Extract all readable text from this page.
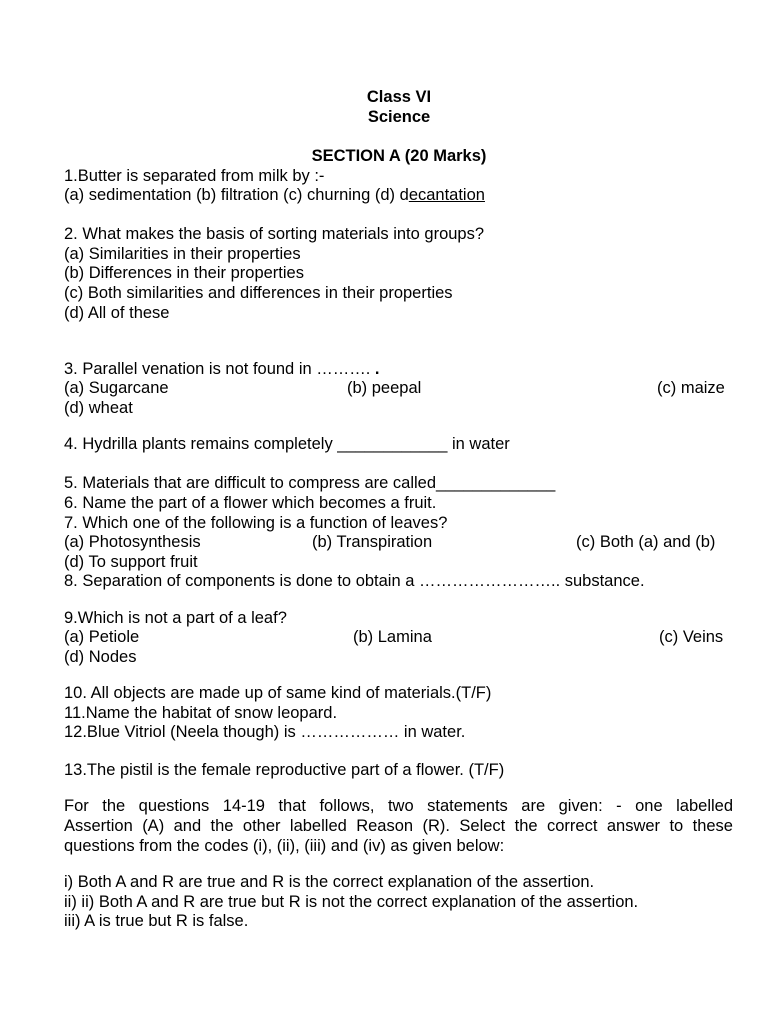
Class VI
Science
SECTION A (20 Marks)
1.Butter is separated from milk by :-
(a) sedimentation (b) filtration (c) churning (d) decantation
2. What makes the basis of sorting materials into groups?
(a) Similarities in their properties
(b) Differences in their properties
(c) Both similarities and differences in their properties
(d) All of these
3. Parallel venation is not found in ………. .
(a) Sugarcane	(b) peepal	(c) maize
(d) wheat
4. Hydrilla plants remains completely ____________ in water
5. Materials that are difficult to compress are called_____________
6. Name the part of a flower which becomes a fruit.
7. Which one of the following is a function of leaves?
(a) Photosynthesis	(b) Transpiration	(c) Both (a) and (b)
(d) To support fruit
8. Separation of components is done to obtain a …………………….. substance.
9.Which is not a part of a leaf?
(a) Petiole	(b) Lamina	(c) Veins
(d) Nodes
10. All objects are made up of same kind of materials.(T/F)
11.Name the habitat of snow leopard.
12.Blue Vitriol (Neela though) is ……………… in water.
13.The pistil is the female reproductive part of a flower. (T/F)
For the questions 14-19 that follows, two statements are given: - one labelled
Assertion (A) and the other labelled Reason (R). Select the correct answer to these
questions from the codes (i), (ii), (iii) and (iv) as given below:
i) Both A and R are true and R is the correct explanation of the assertion.
ii) ii) Both A and R are true but R is not the correct explanation of the assertion.
iii) A is true but R is false.
